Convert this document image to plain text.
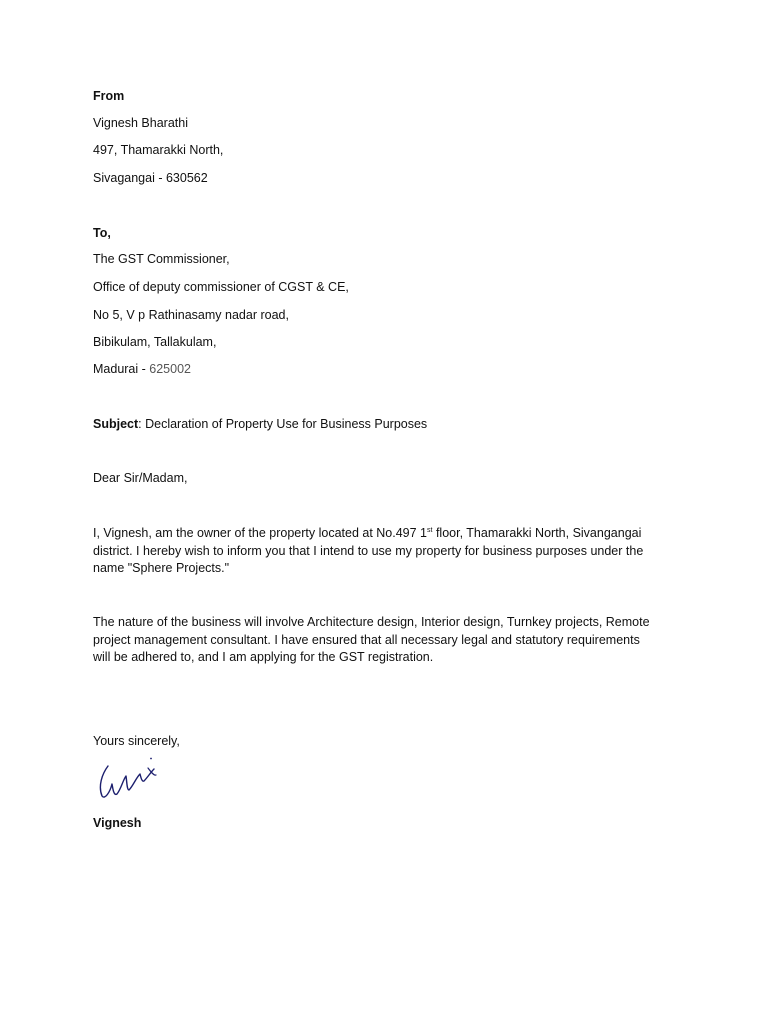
From
Vignesh Bharathi
497, Thamarakki North,
Sivagangai - 630562
To,
The GST Commissioner,
Office of deputy commissioner of CGST & CE,
No 5, V p Rathinasamy nadar road,
Bibikulam, Tallakulam,
Madurai - 625002
Subject: Declaration of Property Use for Business Purposes
Dear Sir/Madam,
I, Vignesh, am the owner of the property located at No.497 1st floor, Thamarakki North, Sivangangai
district. I hereby wish to inform you that I intend to use my property for business purposes under the
name "Sphere Projects."
The nature of the business will involve Architecture design, Interior design, Turnkey projects, Remote
project management consultant. I have ensured that all necessary legal and statutory requirements
will be adhered to, and I am applying for the GST registration.
Yours sincerely,
Vignesh
